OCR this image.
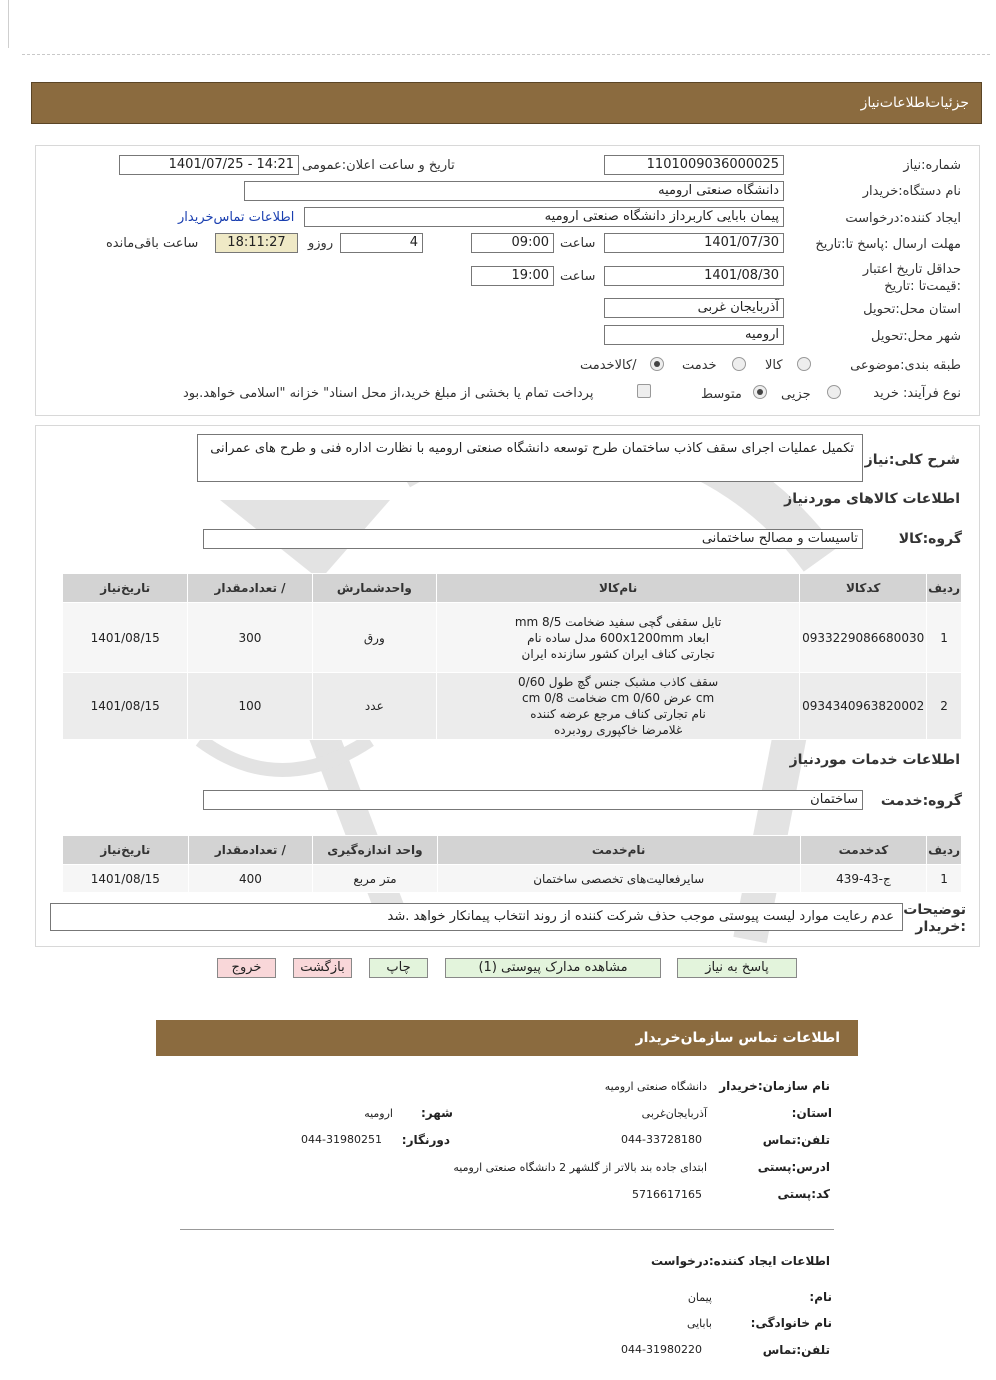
جزئیات
اطلاعات‌نیاز
شماره:نیاز
1101009036000025
تاریخ و ساعت اعلان:عمومی
1401/07/25 - 14:21
نام دستگاه:خریدار
دانشگاه صنعتی ارومیه
ایجاد کننده:درخواست
پیمان بابایی کاربرداز دانشگاه صنعتی ارومیه
اطلاعات تماس‌خریدار
مهلت ارسال :پاسخ تا:تاریخ
1401/07/30
ساعت
09:00
4
روزو
18:11:27
ساعت باقی‌مانده
حداقل تاریخ اعتبار :قیمت‌تا :تاریخ
1401/08/30
ساعت
19:00
استان محل:تحویل
آذربایجان غربی
شهر محل:تحویل
ارومیه
طبقه بندی:موضوعی
کالا
خدمت
/کالاخدمت
نوع فرآیند: خرید
جزیی
متوسط
پرداخت تمام یا بخشی از مبلغ خرید،از محل اسناد" خزانه "اسلامی خواهد.بود
شرح کلی:نیاز
تکمیل عملیات اجرای سقف کاذب ساختمان طرح توسعه دانشگاه صنعتی ارومیه با نظارت اداره فنی و طرح های عمرانی
اطلاعات کالاهای موردنیاز
گروه:کالا
تاسیسات و مصالح ساختمانی
ردیف	کدکالا	نام‌کالا	واحدشمارش	/ تعدادمقدار	تاریخ‌نیاز
1	0933229086680030	تایل سقفی گچی سفید ضخامت 8/5 mm ابعاد 600x1200mm مدل ساده نام تجارتی کناف ایران کشور سازنده ایران	ورق	300	1401/08/15
2	0934340963820002	سقف کاذب مشبک جنس گچ طول 0/60 cm عرض 0/60 cm ضخامت 0/8 cm نام تجارتی کناف مرجع عرضه کننده غلامرضا خاکپوری رودبرده	عدد	100	1401/08/15
اطلاعات خدمات موردنیاز
گروه:خدمت
ساختمان
ردیف	کدخدمت	نام‌خدمت	واحد اندازه‌گیری	/ تعدادمقدار	تاریخ‌نیاز
1	ج-43-439	سایرفعالیت‌های تخصصی ساختمان	متر مربع	400	1401/08/15
توضیحات :خریدار
عدم رعایت موارد لیست پیوستی موجب حذف شرکت کننده از روند انتخاب پیمانکار خواهد .شد
پاسخ به نیاز
مشاهده مدارک پیوستی (1)
چاپ
بازگشت
خروج
اطلاعات تماس سازمان‌خریدار
نام سازمان:خریدار
دانشگاه صنعتی ارومیه
استان:
آذربایجان‌غربی
شهر:
ارومیه
تلفن:تماس
044-33728180
دورنگار:
044-31980251
ادرس:پستی
ابتدای جاده بند بالاتر از گلشهر 2 دانشگاه صنعتی ارومیه
کد:پستی
5716617165
اطلاعات ایجاد کننده:درخواست
نام:
پیمان
نام خانوادگی:
بابایی
تلفن:تماس
044-31980220
